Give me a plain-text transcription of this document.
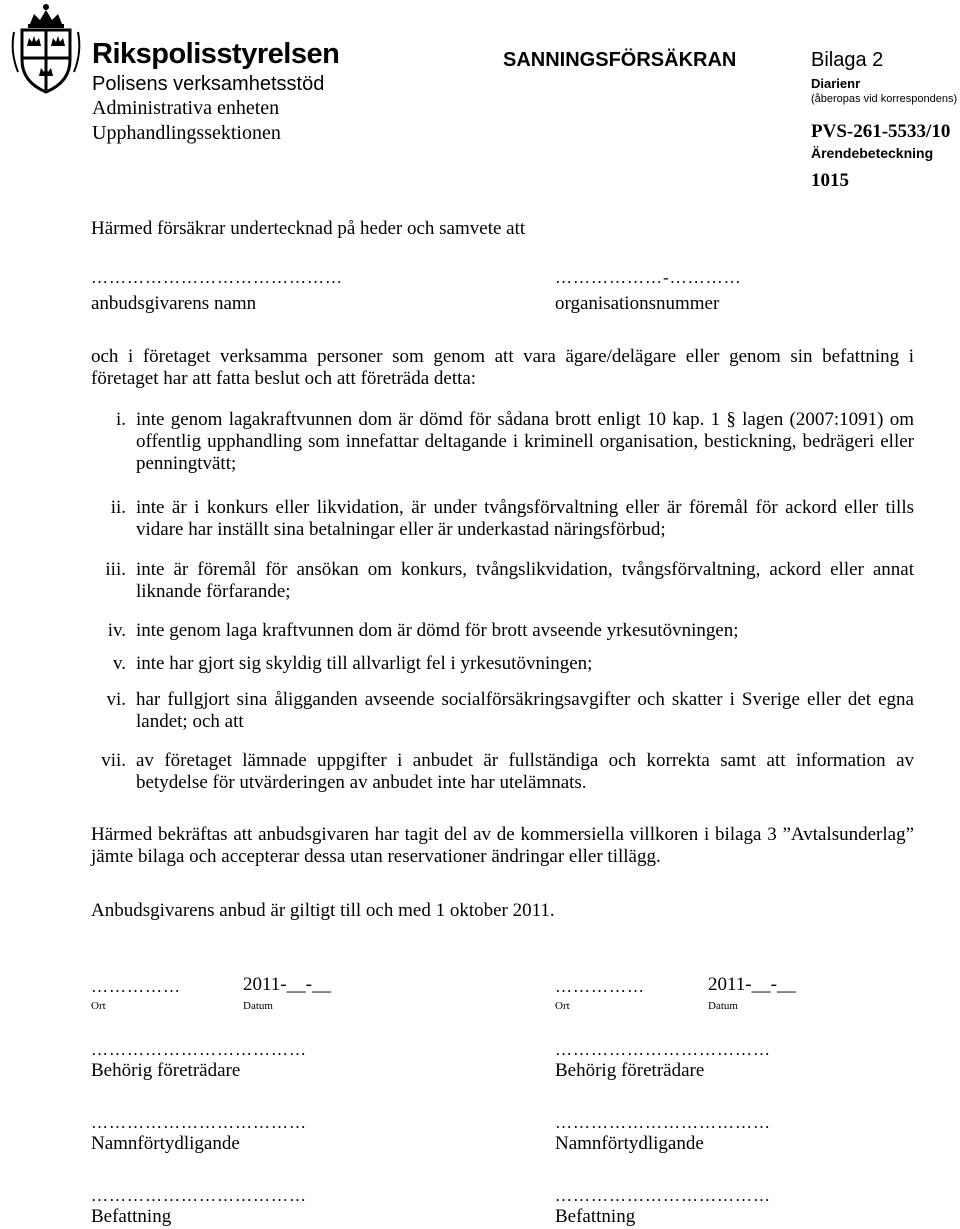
Rikspolisstyrelsen
Polisens verksamhetsstöd
Administrativa enheten
Upphandlingssektionen
SANNINGSFÖRSÄKRAN	Bilaga 2
Diarienr
(åberopas vid korrespondens)
PVS-261-5533/10
Ärendebeteckning
1015
Härmed försäkrar undertecknad på heder och samvete att
……………………………………
anbudsgivarens namn
………………-…………
organisationsnummer
och i företaget verksamma personer som genom att vara ägare/delägare eller genom sin befattning i företaget har att fatta beslut och att företräda detta:
i. inte genom lagakraftvunnen dom är dömd för sådana brott enligt 10 kap. 1 § lagen (2007:1091) om offentlig upphandling som innefattar deltagande i kriminell organisation, bestickning, bedrägeri eller penningtvätt;
ii. inte är i konkurs eller likvidation, är under tvångsförvaltning eller är föremål för ackord eller tills vidare har inställt sina betalningar eller är underkastad näringsförbud;
iii. inte är föremål för ansökan om konkurs, tvångslikvidation, tvångsförvaltning, ackord eller annat liknande förfarande;
iv. inte genom laga kraftvunnen dom är dömd för brott avseende yrkesutövningen;
v. inte har gjort sig skyldig till allvarligt fel i yrkesutövningen;
vi. har fullgjort sina åligganden avseende socialförsäkringsavgifter och skatter i Sverige eller det egna landet; och att
vii. av företaget lämnade uppgifter i anbudet är fullständiga och korrekta samt att information av betydelse för utvärderingen av anbudet inte har utelämnats.
Härmed bekräftas att anbudsgivaren har tagit del av de kommersiella villkoren i bilaga 3 ”Avtalsunderlag” jämte bilaga och accepterar dessa utan reservationer ändringar eller tillägg.
Anbudsgivarens anbud är giltigt till och med 1 oktober 2011.
……………	2011-__-__
Ort	Datum
………………………………
Behörig företrädare
………………………………
Namnförtydligande
………………………………
Befattning
……………	2011-__-__
Ort	Datum
………………………………
Behörig företrädare
………………………………
Namnförtydligande
………………………………
Befattning
